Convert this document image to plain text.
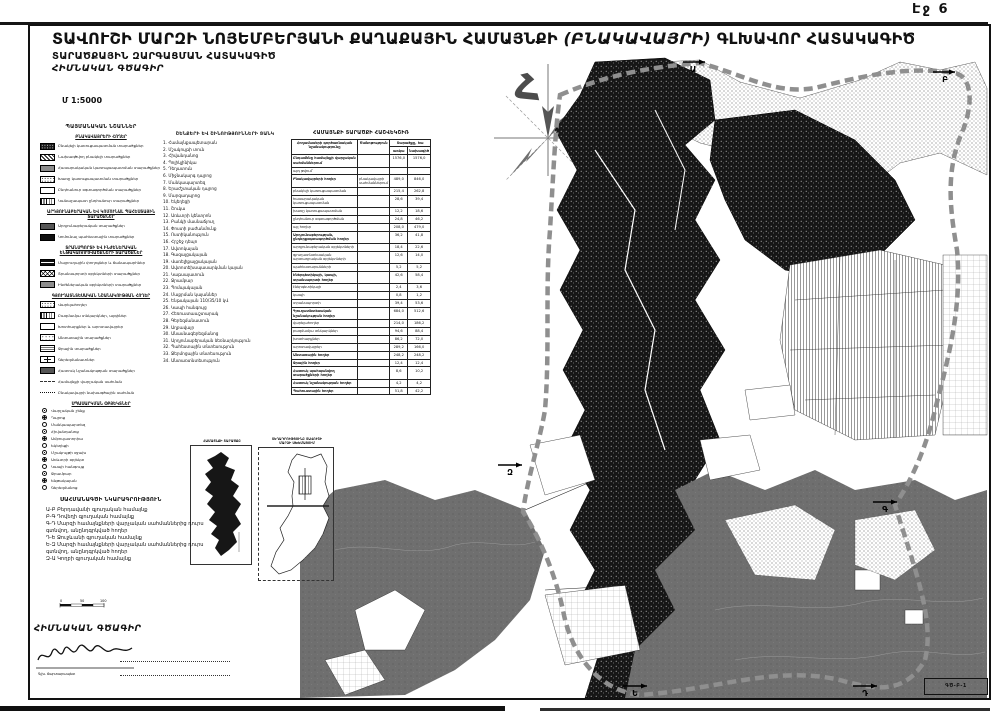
Էջ 6
ՏԱՎՈՒՇԻ ՄԱՐԶԻ ՆՈՅԵՄԲԵՐՅԱՆԻ ՔԱՂԱՔԱՅԻՆ ՀԱՄԱՅՆՔԻ (ԲՆԱԿԱՎԱՅՐԻ) ԳԼԽԱՎՈՐ ՀԱՏԱԿԱԳԻԾ
ՏԱՐԱԾՔԱՅԻՆ ԶԱՐԳԱՑՄԱՆ ՀԱՏԱԿԱԳԻԾ
ՀԻՄՆԱԿԱՆ ԳԾԱԳԻՐ
Մ 1:5000
ՊԱՅՄԱՆԱԿԱՆ ՆՇԱՆՆԵՐ
ԲՆԱԿԱՎԱՅՐԵՐԻ ՀՈՂԵՐ
Բնակելի կառուցապատման տարածքներ
Նախագծվող բնակելի տարածքներ
Հասարակական կառուցապատման տարածքներ
Խառը կառուցապատման տարածքներ
Ընդհանուր օգտագործման տարածքներ
Կանաչապատ ընդհանուր տարածքներ
ԱՐԴՅՈՒՆԱԲԵՐԱԿԱՆ ԵՎ ԿՈՄՈՒՆԱԼ ՊԱՀԵՍՏԱՅԻՆ ՏԱՐԱԾՔՆԵՐ
Արդյունաբերական տարածքներ
Կոմունալ պահեստային տարածքներ
ՏՐԱՆՍՊՈՐՏԻ ԵՎ ԻՆԺԵՆԵՐԱԿԱՆ ԵՆԹԱԿԱՌՈՒՑՎԱԾՔՆԵՐԻ ՏԱՐԱԾՔՆԵՐ
Մայրուղային փողոցներ և ճանապարհներ
Տրանսպորտի օբյեկտների տարածքներ
Ինժեներական օբյեկտների տարածքներ
ԳՅՈՒՂԱՏՆՏԵՍԱԿԱՆ ՆՇԱՆԱԿՈՒԹՅԱՆ ՀՈՂԵՐ
Վարելահողեր
Բազմամյա տնկարկներ, այգիներ
Խոտհարքներ և արոտավայրեր
Անտառային տարածքներ
Ջրային տարածքներ
Գերեզմանատներ
Հատուկ նշանակության տարածքներ
Համայնքի վարչական սահման
Բնակավայրի նախագծային սահման
ՍՊԱՍԱՐԿՄԱՆ ՕԲՅԵԿՏՆԵՐ
Վարչական շենք
Դպրոց
Մանկապարտեզ
Հիվանդանոց
Ամբուլատորիա
Եկեղեցի
Մշակույթի օջախ
Առևտրի օբյեկտ
Կապի հանգույց
Ջրամբար
Ենթակայան
Գերեզմանոց
ՇԵՆՔԵՐԻ ԵՎ ՇԻՆՈՒԹՅՈՒՆՆԵՐԻ ՑԱՆԿ
1. Համայնքապետարան
2. Մշակույթի տուն
3. Հիվանդանոց
4. Պոլիկլինիկա
5. Դեղատուն
6. Միջնակարգ դպրոց
7. Մանկապարտեզ
8. Երաժշտական դպրոց
9. Մարզադպրոց
10. Եկեղեցի
11. Շուկա
12. Առևտրի կենտրոն
13. Բանկի մասնաճյուղ
14. Փոստի բաժանմունք
15. Ոստիկանություն
16. Հրշեջ դեպո
17. Ավտոկայան
18. Գազալցակայան
19. Վառելիքալցակայան
20. Ավտոտեխսպասարկման կայան
21. Կաթսայատուն
22. Ջրամբար
23. Պոմպակայան
24. Մաքրման կայաններ
25. Ենթակայան 110/35/10 կՎ
26. Կապի հանգույց
27. Հեռուստաաշտարակ
28. Գերեզմանատուն
29. Աղբավայր
30. Անասնագերեզմանոց
31. Արդյունաբերական ձեռնարկություն
32. Պահեստային տնտեսություն
33. Ջերմոցային տնտեսություն
34. Անտառտնտեսություն
ՀԱՄԱՅՆՔԻ ՏԱՐԱԾՔԻ ՀԱՇՎԵԿՇԻՌ
Հողամասերի գործառնական նշանակությունը	Ծանոթություն	Տարածքը, հա	
		առկա	նախագիծ
Ընդամենը համայնքի վարչական սահմաններում		1576,0	1576,0
այդ թվում՝			
Բնակավայրերի հողեր	բնակավայրի սահմաններում	489,0	846,0
բնակելի կառուցապատման		215,4	262,8
հասարակական կառուցապատման		28,6	39,4
խառը կառուցապատման		12,2	18,6
ընդհանուր օգտագործման		24,8	46,2
այլ հողեր		208,0	479,0
Արդյունաբերության, ընդերքօգտագործման հողեր		36,2	41,8
արդյունաբերական օբյեկտների		18,4	22,6
գյուղատնտեսական արտադրական օբյեկտների		12,6	14,0
պահեստարանների		5,2	5,2
Էներգետիկայի, կապի, տրանսպորտի հողեր		42,6	58,4
էներգետիկայի		2,4	3,6
կապի		0,8	1,2
տրանսպորտի		39,4	53,6
Գյուղատնտեսական նշանակության հողեր		684,0	512,6
վարելահողեր		214,0	186,2
բազմամյա տնկարկներ		94,6	88,4
խոտհարքներ		86,2	72,0
արոտավայրեր		289,2	166,0
Անտառային հողեր		248,2	248,2
Ջրային հողեր		12,4	12,4
Հատուկ պահպանվող տարածքների հողեր		8,6	10,2
Հատուկ նշանակության հողեր		4,2	4,2
Պահուստային հողեր		51,8	42,2
Հ	Ա
Բ
Գ
Զ
Դ
Ե
ՀԱՄԱՅՆՔԻ ՏԱՐԱԾՔԸ	ՏԵՂԱԴՐՈՒԹՅՈՒՆԸ ՏԱՎՈՒՇԻ
ՄԱՐԶԻ ՍԽԵՄԱՅՈՒՄ
ՍԱՀՄԱՆԱԳԾԻ ՆԿԱՐԱԳՐՈՒԹՅՈՒՆ
Ա-Բ Բերդավանի գյուղական համայնք
Բ-Գ Դովեղի գյուղական համայնք
Գ-Դ Մարզի համայնքների վարչական սահմաններից դուրս գտնվող, անընդգրկված հողեր
Դ-Ե Ջուջևանի գյուղական համայնք
Ե-Զ Մարզի համայնքների վարչական սահմաններից դուրս գտնվող, անընդգրկված հողեր
Զ-Ա Կողբի գյուղական համայնք
0	50	100
ՀԻՄՆԱԿԱՆ ԳԾԱԳԻՐ
Գլխ. ճարտարապետ
ԳԾ-Բ-1
